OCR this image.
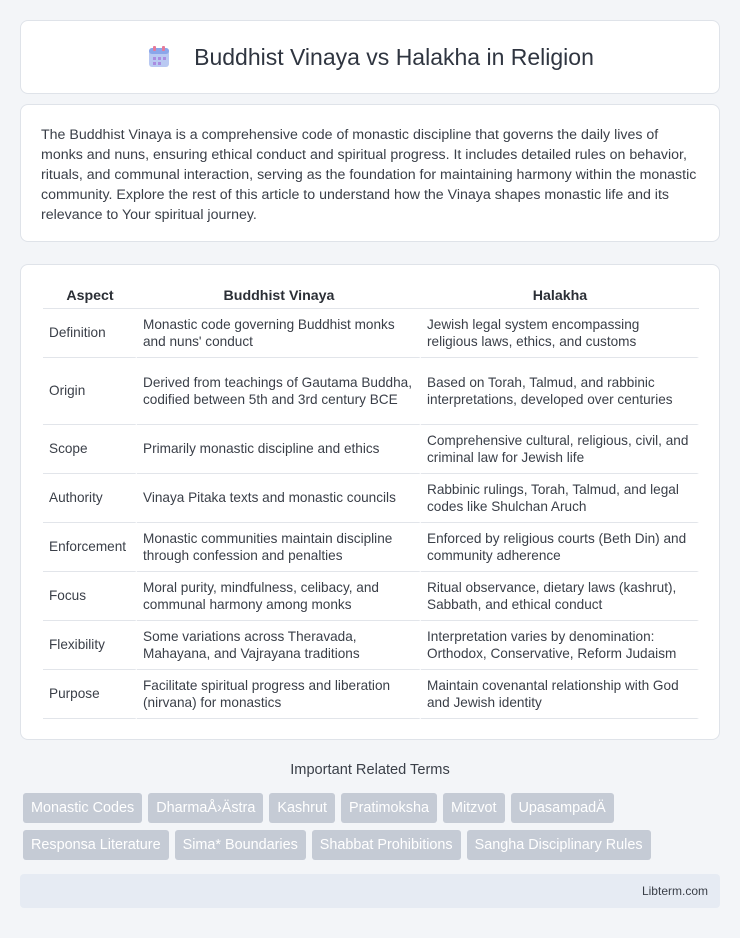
Buddhist Vinaya vs Halakha in Religion

The Buddhist Vinaya is a comprehensive code of monastic discipline that governs the daily lives of monks and nuns, ensuring ethical conduct and spiritual progress. It includes detailed rules on behavior, rituals, and communal interaction, serving as the foundation for maintaining harmony within the monastic community. Explore the rest of this article to understand how the Vinaya shapes monastic life and its relevance to Your spiritual journey.

Aspect	Buddhist Vinaya	Halakha
Definition	Monastic code governing Buddhist monks and nuns' conduct	Jewish legal system encompassing religious laws, ethics, and customs
Origin	Derived from teachings of Gautama Buddha, codified between 5th and 3rd century BCE	Based on Torah, Talmud, and rabbinic interpretations, developed over centuries
Scope	Primarily monastic discipline and ethics	Comprehensive cultural, religious, civil, and criminal law for Jewish life
Authority	Vinaya Pitaka texts and monastic councils	Rabbinic rulings, Torah, Talmud, and legal codes like Shulchan Aruch
Enforcement	Monastic communities maintain discipline through confession and penalties	Enforced by religious courts (Beth Din) and community adherence
Focus	Moral purity, mindfulness, celibacy, and communal harmony among monks	Ritual observance, dietary laws (kashrut), Sabbath, and ethical conduct
Flexibility	Some variations across Theravada, Mahayana, and Vajrayana traditions	Interpretation varies by denomination: Orthodox, Conservative, Reform Judaism
Purpose	Facilitate spiritual progress and liberation (nirvana) for monastics	Maintain covenantal relationship with God and Jewish identity
Important Related Terms
Monastic Codes	DharmaÅ›Ästra	Kashrut	Pratimoksha	Mitzvot	UpasampadÄ
Responsa Literature	Sima* Boundaries	Shabbat Prohibitions	Sangha Disciplinary Rules
Libterm.com
